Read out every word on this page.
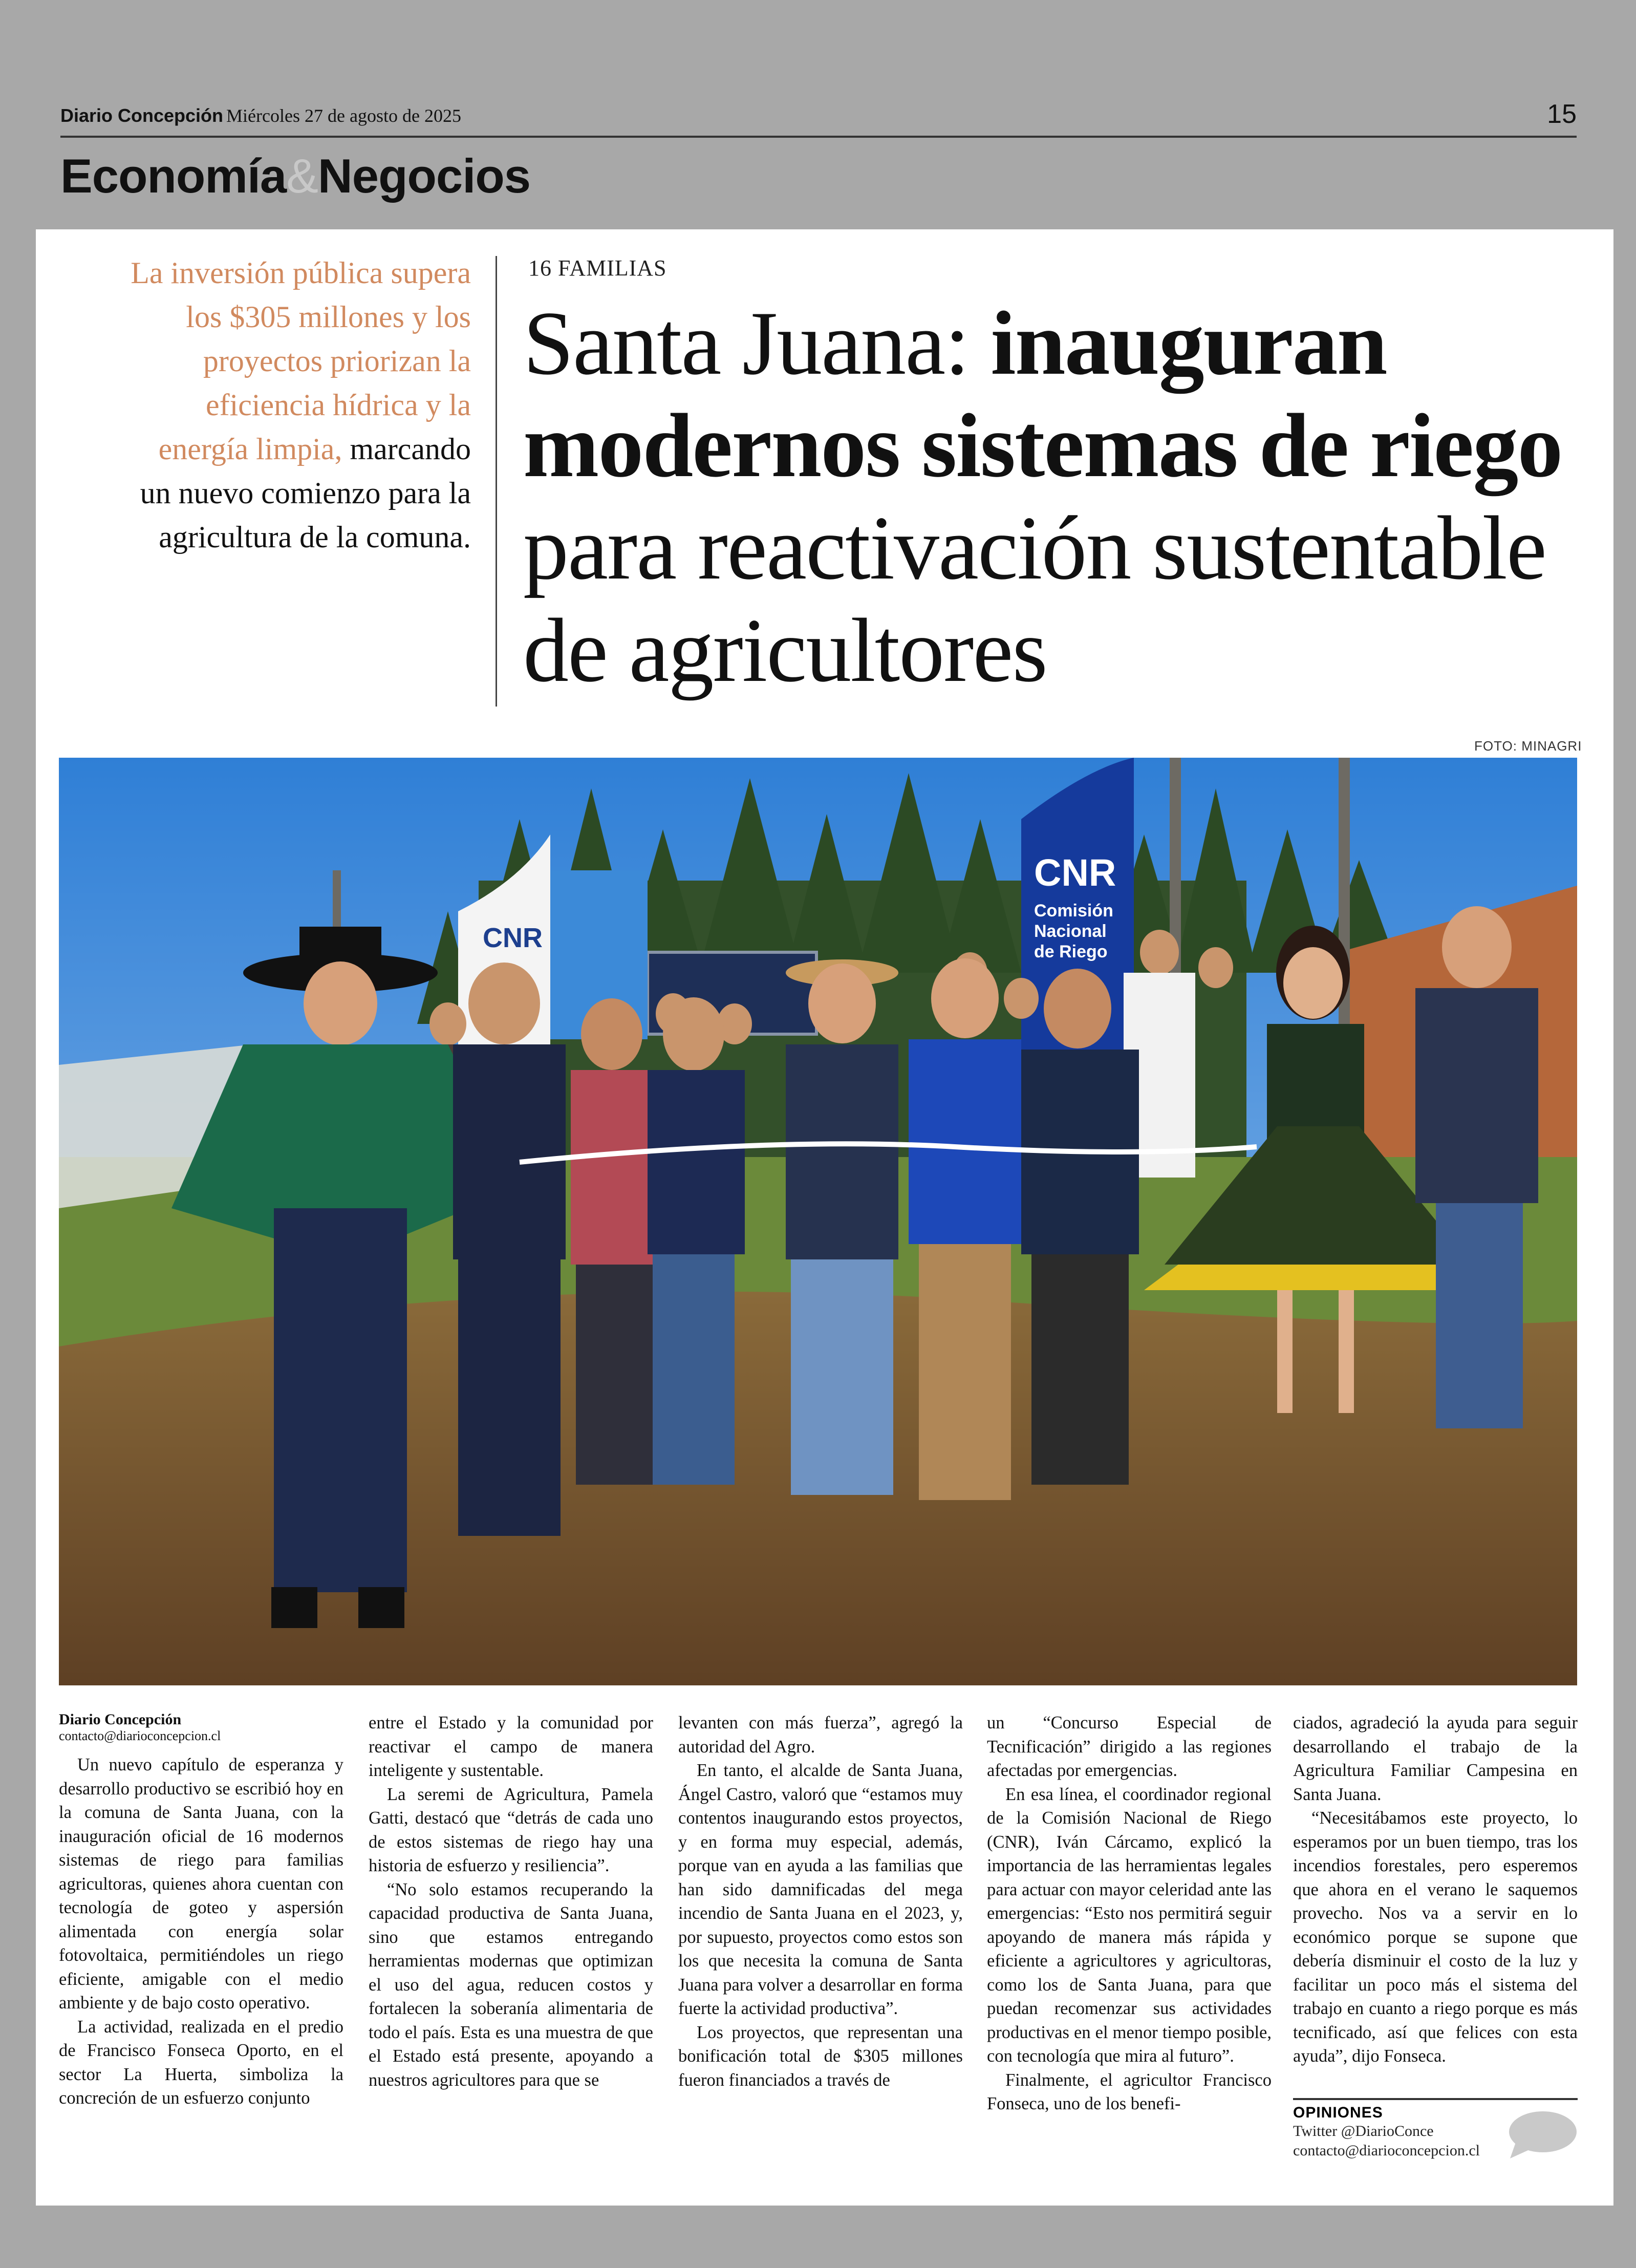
Diario Concepción Miércoles 27 de agosto de 2025	15
Economía&Negocios
La inversión pública supera los $305 millones y los proyectos priorizan la eficiencia hídrica y la energía limpia, marcando un nuevo comienzo para la agricultura de la comuna.
16 FAMILIAS
Santa Juana: inauguran modernos sistemas de riego para reactivación sustentable de agricultores
FOTO: MINAGRI
CNR
CNR
Comisión
Nacional
de Riego
Diario Concepción
contacto@diarioconcepcion.cl

Un nuevo capítulo de esperanza y desarrollo productivo se escribió hoy en la comuna de Santa Juana, con la inauguración oficial de 16 modernos sistemas de riego para familias agricultoras, quienes ahora cuentan con tecnología de goteo y aspersión alimentada con energía solar fotovoltaica, permitiéndoles un riego eficiente, amigable con el medio ambiente y de bajo costo operativo.

La actividad, realizada en el predio de Francisco Fonseca Oporto, en el sector La Huerta, simboliza la concreción de un esfuerzo conjunto

entre el Estado y la comunidad por reactivar el campo de manera inteligente y sustentable.

La seremi de Agricultura, Pamela Gatti, destacó que “detrás de cada uno de estos sistemas de riego hay una historia de esfuerzo y resiliencia”.

“No solo estamos recuperando la capacidad productiva de Santa Juana, sino que estamos entregando herramientas modernas que optimizan el uso del agua, reducen costos y fortalecen la soberanía alimentaria de todo el país. Esta es una muestra de que el Estado está presente, apoyando a nuestros agricultores para que se

levanten con más fuerza”, agregó la autoridad del Agro.

En tanto, el alcalde de Santa Juana, Ángel Castro, valoró que “estamos muy contentos inaugurando estos proyectos, y en forma muy especial, además, porque van en ayuda a las familias que han sido damnificadas del mega incendio de Santa Juana en el 2023, y, por supuesto, proyectos como estos son los que necesita la comuna de Santa Juana para volver a desarrollar en forma fuerte la actividad productiva”.

Los proyectos, que representan una bonificación total de $305 millones fueron financiados a través de

un “Concurso Especial de Tecnificación” dirigido a las regiones afectadas por emergencias.

En esa línea, el coordinador regional de la Comisión Nacional de Riego (CNR), Iván Cárcamo, explicó la importancia de las herramientas legales para actuar con mayor celeridad ante las emergencias: “Esto nos permitirá seguir apoyando de manera más rápida y eficiente a agricultores y agricultoras, como los de Santa Juana, para que puedan recomenzar sus actividades productivas en el menor tiempo posible, con tecnología que mira al futuro”.

Finalmente, el agricultor Francisco Fonseca, uno de los benefi-

ciados, agradeció la ayuda para seguir desarrollando el trabajo de la Agricultura Familiar Campesina en Santa Juana.

“Necesitábamos este proyecto, lo esperamos por un buen tiempo, tras los incendios forestales, pero esperemos que ahora en el verano le saquemos provecho. Nos va a servir en lo económico porque se supone que debería disminuir el costo de la luz y facilitar un poco más el sistema del trabajo en cuanto a riego porque es más tecnificado, así que felices con esta ayuda”, dijo Fonseca.

OPINIONES
Twitter @DiarioConce
contacto@diarioconcepcion.cl
